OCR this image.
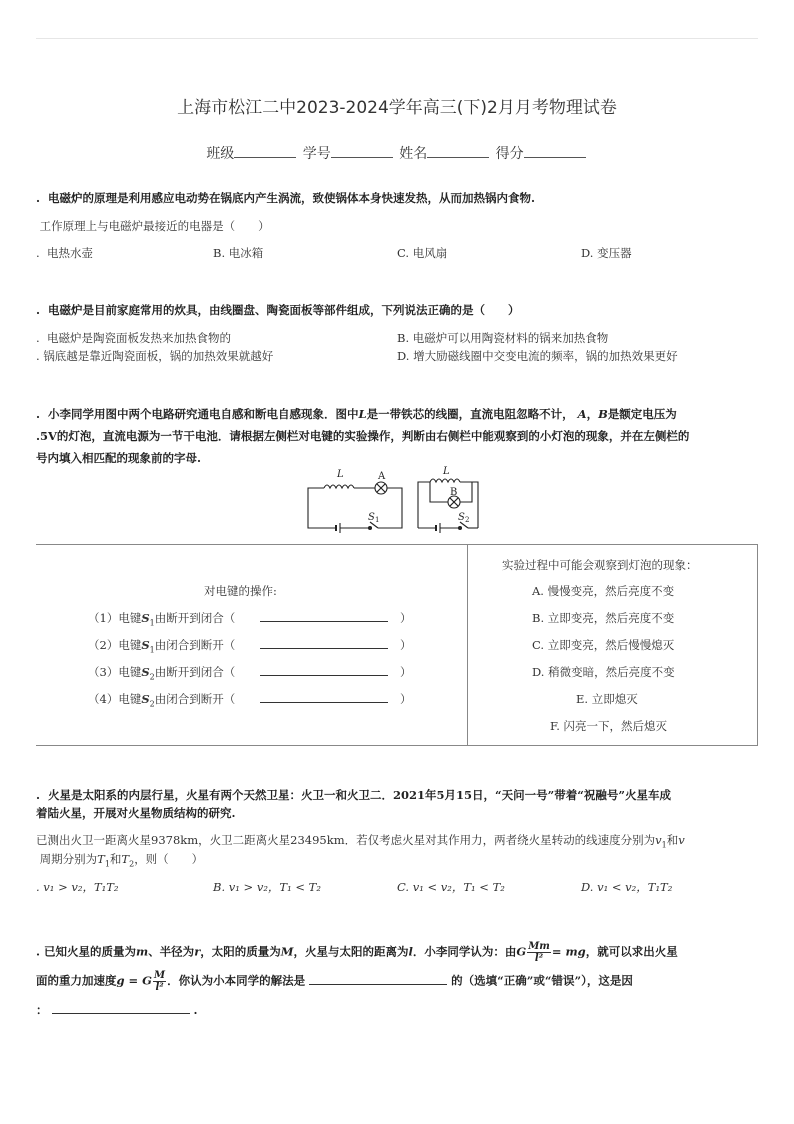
上海市松江二中2023-2024学年高三(下)2月月考物理试卷
班级	学号	姓名	得分
.  电磁炉的原理是利用感应电动势在锅底内产生涡流，致使锅体本身快速发热，从而加热锅内食物.
工作原理上与电磁炉最接近的电器是（　　）
.  电热水壶	B. 电冰箱	C. 电风扇	D. 变压器
.  电磁炉是目前家庭常用的炊具，由线圈盘、陶瓷面板等部件组成，下列说法正确的是（　　）
.  电磁炉是陶瓷面板发热来加热食物的	B. 电磁炉可以用陶瓷材料的锅来加热食物
. 锅底越是靠近陶瓷面板，锅的加热效果就越好	D. 增大励磁线圈中交变电流的频率，锅的加热效果更好
.  小李同学用图中两个电路研究通电自感和断电自感现象．图中L是一带铁芯的线圈，直流电阻忽略不计， A，B是额定电压为
.5V的灯泡，直流电源为一节干电池．请根据左侧栏对电键的实验操作，判断由右侧栏中能观察到的小灯泡的现象，并在左侧栏的
号内填入相匹配的现象前的字母.
L	A
S 1
L
B
S 2
对电键的操作:
（1）电键$S_1$由断开到闭合（	）
（2）电键$S_1$由闭合到断开（	）
（3）电键$S_2$由断开到闭合（	）
（4）电键$S_2$由闭合到断开（	）
实验过程中可能会观察到灯泡的现象：
A. 慢慢变亮，然后亮度不变
B. 立即变亮，然后亮度不变
C. 立即变亮，然后慢慢熄灭
D. 稍微变暗，然后亮度不变
E. 立即熄灭
F. 闪亮一下，然后熄灭
.  火星是太阳系的内层行星，火星有两个天然卫星：火卫一和火卫二．2021年5月15日，“天问一号”带着“祝融号”火星车成
着陆火星，开展对火星物质结构的研究.
已测出火卫一距离火星9378km，火卫二距离火星23495km．若仅考虑火星对其作用力，两者绕火星转动的线速度分别为$v_1$和v
周期分别为$T_1$和$T_2$，则（　　）
. v₁ > v₂，T₁T₂	B. v₁ > v₂，T₁ < T₂	C. v₁ < v₂，T₁ < T₂	D. v₁ < v₂，T₁T₂
. 已知火星的质量为m、半径为r，太阳的质量为M，火星与太阳的距离为l．小李同学认为：由G $\frac{Mm}{\text{l²}}$ = mg，就可以求出火星
面的重力加速度g = G $\frac{M}{\text{l²}}$ ．你认为小本同学的解法是	的（选填“正确”或“错误”），这是因
：	.
